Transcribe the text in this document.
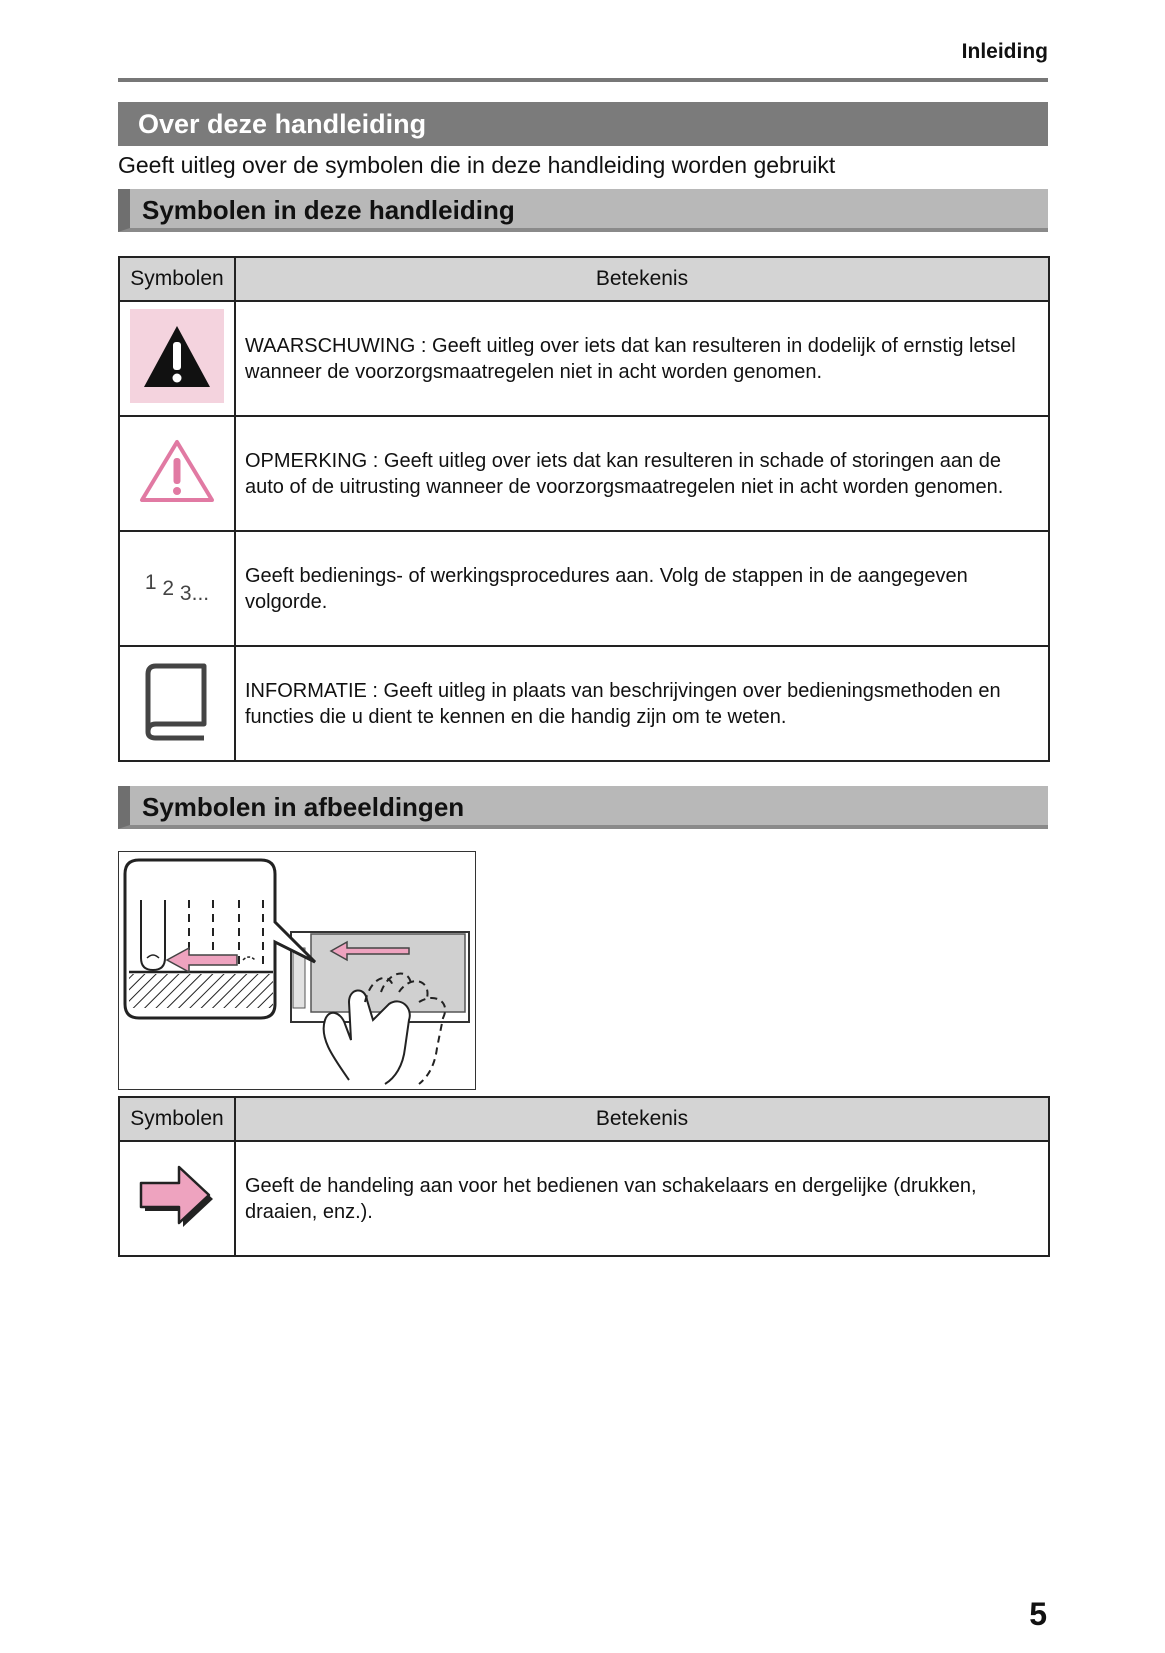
Inleiding
Over deze handleiding
Geeft uitleg over de symbolen die in deze handleiding worden gebruikt
Symbolen in deze handleiding
Symbolen	Betekenis
	WAARSCHUWING : Geeft uitleg over iets dat kan resulteren in dodelijk of ernstig letsel wanneer de voorzorgsmaatregelen niet in acht worden genomen.
	OPMERKING : Geeft uitleg over iets dat kan resulteren in schade of storingen aan de auto of de uitrusting wanneer de voorzorgsmaatregelen niet in acht worden genomen.
1 2 3...	Geeft bedienings- of werkingsprocedures aan. Volg de stappen in de aangegeven volgorde.
	INFORMATIE : Geeft uitleg in plaats van beschrijvingen over bedieningsmethoden en functies die u dient te kennen en die handig zijn om te weten.
Symbolen in afbeeldingen
Symbolen	Betekenis
	Geeft de handeling aan voor het bedienen van schakelaars en dergelijke (drukken, draaien, enz.).
5
